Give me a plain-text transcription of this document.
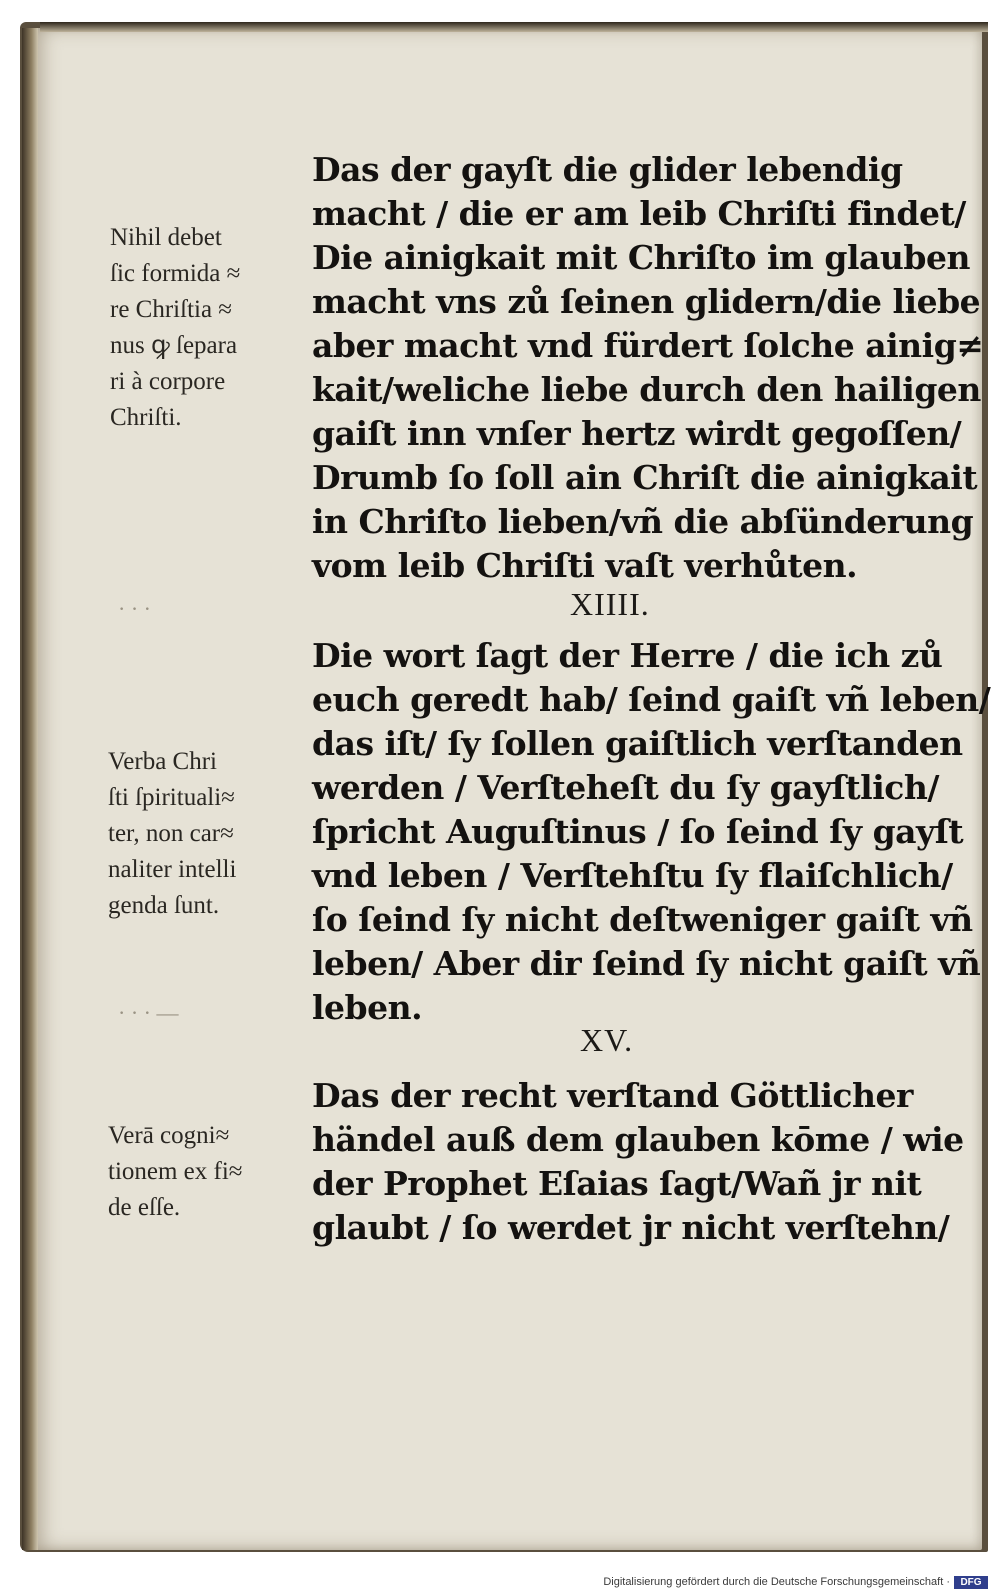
Das der gayſt die glider lebendig
macht / die er am leib Chriſti findet/
Die ainigkait mit Chriſto im glauben
macht vns zů ſeinen glidern/die liebe
aber macht vnd fürdert ſolche ainig≠
kait/weliche liebe durch den hailigen
gaiſt inn vnſer hertz wirdt gegoſſen/
Drumb ſo ſoll ain Chriſt die ainigkait
in Chriſto lieben/vñ die abſünderung
vom leib Chriſti vaſt verhůten.
Die wort ſagt der Herre / die ich zů
euch geredt hab/ ſeind gaiſt vñ leben/
das iſt/ ſy ſollen gaiſtlich verſtanden
werden / Verſteheſt du ſy gayſtlich/
ſpricht Auguſtinus / ſo ſeind ſy gayſt
vnd leben / Verſtehſtu ſy flaiſchlich/
ſo ſeind ſy nicht deſtweniger gaiſt vñ
leben/ Aber dir ſeind ſy nicht gaiſt vñ
leben.
Das der recht verſtand Göttlicher
händel auß dem glauben kōme / wie
der Prophet Eſaias ſagt/Wañ jr nit
glaubt / ſo werdet jr nicht verſtehn/
XIIII.
XV.
Nihil debet
ſic formida ≈
re Chriſtia ≈
nus ꝙ ſepara
ri à corpore
Chriſti.
Verba Chri
ſti ſpirituali≈
ter, non car≈
naliter intelli
genda ſunt.
Verā cogni≈
tionem ex fi≈
de eſſe.
· · ·
· · · —
Digitalisierung gefördert durch die Deutsche Forschungsgemeinschaft ·	DFG
